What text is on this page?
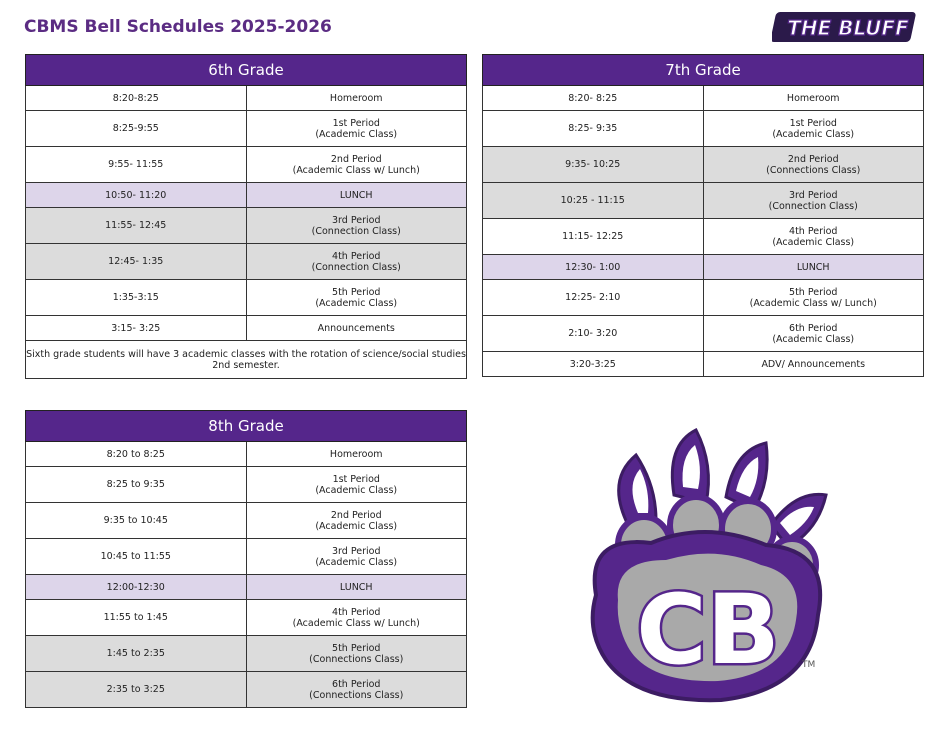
CBMS Bell Schedules 2025-2026	THE BLUFF
6th Grade	
8:20-8:25	Homeroom

8:25-9:55	1st Period
(Academic Class)

9:55- 11:55	2nd Period
(Academic Class w/ Lunch)

10:50- 11:20	LUNCH

11:55- 12:45	3rd Period
(Connection Class)

12:45- 1:35	4th Period
(Connection Class)

1:35-3:15	5th Period
(Academic Class)

3:15- 3:25	Announcements

Sixth grade students will have 3 academic classes with the rotation of science/social studies 2nd semester.	
7th Grade	
8:20- 8:25	Homeroom

8:25- 9:35	1st Period
(Academic Class)

9:35- 10:25	2nd Period
(Connections Class)

10:25 - 11:15	3rd Period
(Connection Class)

11:15- 12:25	4th Period
(Academic Class)

12:30- 1:00	LUNCH

12:25- 2:10	5th Period
(Academic Class w/ Lunch)

2:10- 3:20	6th Period
(Academic Class)

3:20-3:25	ADV/ Announcements
8th Grade	
8:20 to 8:25	Homeroom

8:25 to 9:35	1st Period
(Academic Class)

9:35 to 10:45	2nd Period
(Academic Class)

10:45 to 11:55	3rd Period
(Academic Class)

12:00-12:30	LUNCH

11:55 to 1:45	4th Period
(Academic Class w/ Lunch)

1:45 to 2:35	5th Period
(Connections Class)

2:35 to 3:25	6th Period
(Connections Class)
CB TM
